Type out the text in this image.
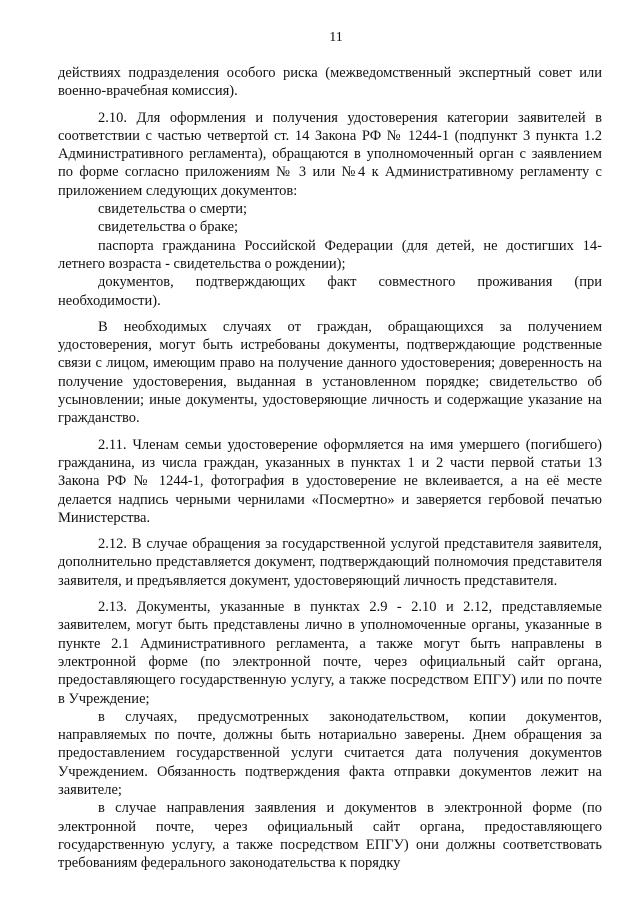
11

действиях подразделения особого риска (межведомственный экспертный совет или военно-врачебная комиссия).

2.10. Для оформления и получения удостоверения категории заявителей в соответствии с частью четвертой ст. 14 Закона РФ № 1244-1 (подпункт 3 пункта 1.2 Административного регламента), обращаются в уполномоченный орган с заявлением по форме согласно приложениям № 3 или №4 к Административному регламенту с приложением следующих документов:

свидетельства о смерти;

свидетельства о браке;

паспорта гражданина Российской Федерации (для детей, не достигших 14-летнего возраста - свидетельства о рождении);

документов, подтверждающих факт совместного проживания (при необходимости).

В необходимых случаях от граждан, обращающихся за получением удостоверения, могут быть истребованы документы, подтверждающие родственные связи с лицом, имеющим право на получение данного удостоверения; доверенность на получение удостоверения, выданная в установленном порядке; свидетельство об усыновлении; иные документы, удостоверяющие личность и содержащие указание на гражданство.

2.11. Членам семьи удостоверение оформляется на имя умершего (погибшего) гражданина, из числа граждан, указанных в пунктах 1 и 2 части первой статьи 13 Закона РФ № 1244-1, фотография в удостоверение не вклеивается, а на её месте делается надпись черными чернилами «Посмертно» и заверяется гербовой печатью Министерства.

2.12. В случае обращения за государственной услугой представителя заявителя, дополнительно представляется документ, подтверждающий полномочия представителя заявителя, и предъявляется документ, удостоверяющий личность представителя.

2.13. Документы, указанные в пунктах 2.9 - 2.10 и 2.12, представляемые заявителем, могут быть представлены лично в уполномоченные органы, указанные в пункте 2.1 Административного регламента, а также могут быть направлены в электронной форме (по электронной почте, через официальный сайт органа, предоставляющего государственную услугу, а также посредством ЕПГУ) или по почте в Учреждение;

в случаях, предусмотренных законодательством, копии документов, направляемых по почте, должны быть нотариально заверены. Днем обращения за предоставлением государственной услуги считается дата получения документов Учреждением. Обязанность подтверждения факта отправки документов лежит на заявителе;

в случае направления заявления и документов в электронной форме (по электронной почте, через официальный сайт органа, предоставляющего государственную услугу, а также посредством ЕПГУ) они должны соответствовать требованиям федерального законодательства к порядку
